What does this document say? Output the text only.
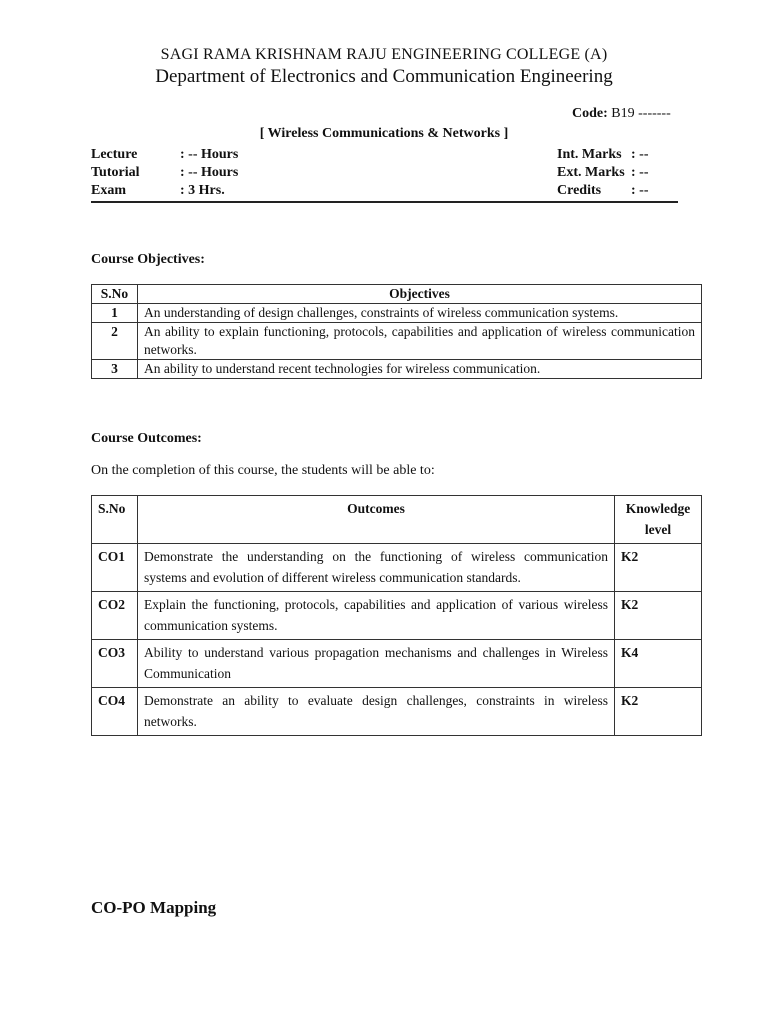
SAGI RAMA KRISHNAM RAJU ENGINEERING COLLEGE (A)
Department of Electronics and Communication Engineering
Code: B19 -------
[ Wireless Communications & Networks ]
Lecture	: -- Hours
Tutorial	: -- Hours
Exam	: 3 Hrs.
Int. Marks : --
Ext. Marks : --
Credits : --
Course Objectives:
S.No	Objectives
1	An understanding of design challenges, constraints of wireless communication systems.
2	An ability to explain functioning, protocols, capabilities and application of wireless communication networks.
3	An ability to understand recent technologies for wireless communication.
Course Outcomes:
On the completion of this course, the students will be able to:
S.No	Outcomes	Knowledge level
CO1	Demonstrate the understanding on the functioning of wireless communication systems and evolution of different wireless communication standards.	K2
CO2	Explain the functioning, protocols, capabilities and application of various wireless communication systems.	K2
CO3	Ability to understand various propagation mechanisms and challenges in Wireless Communication	K4
CO4	Demonstrate an ability to evaluate design challenges, constraints in wireless networks.	K2
CO-PO Mapping
